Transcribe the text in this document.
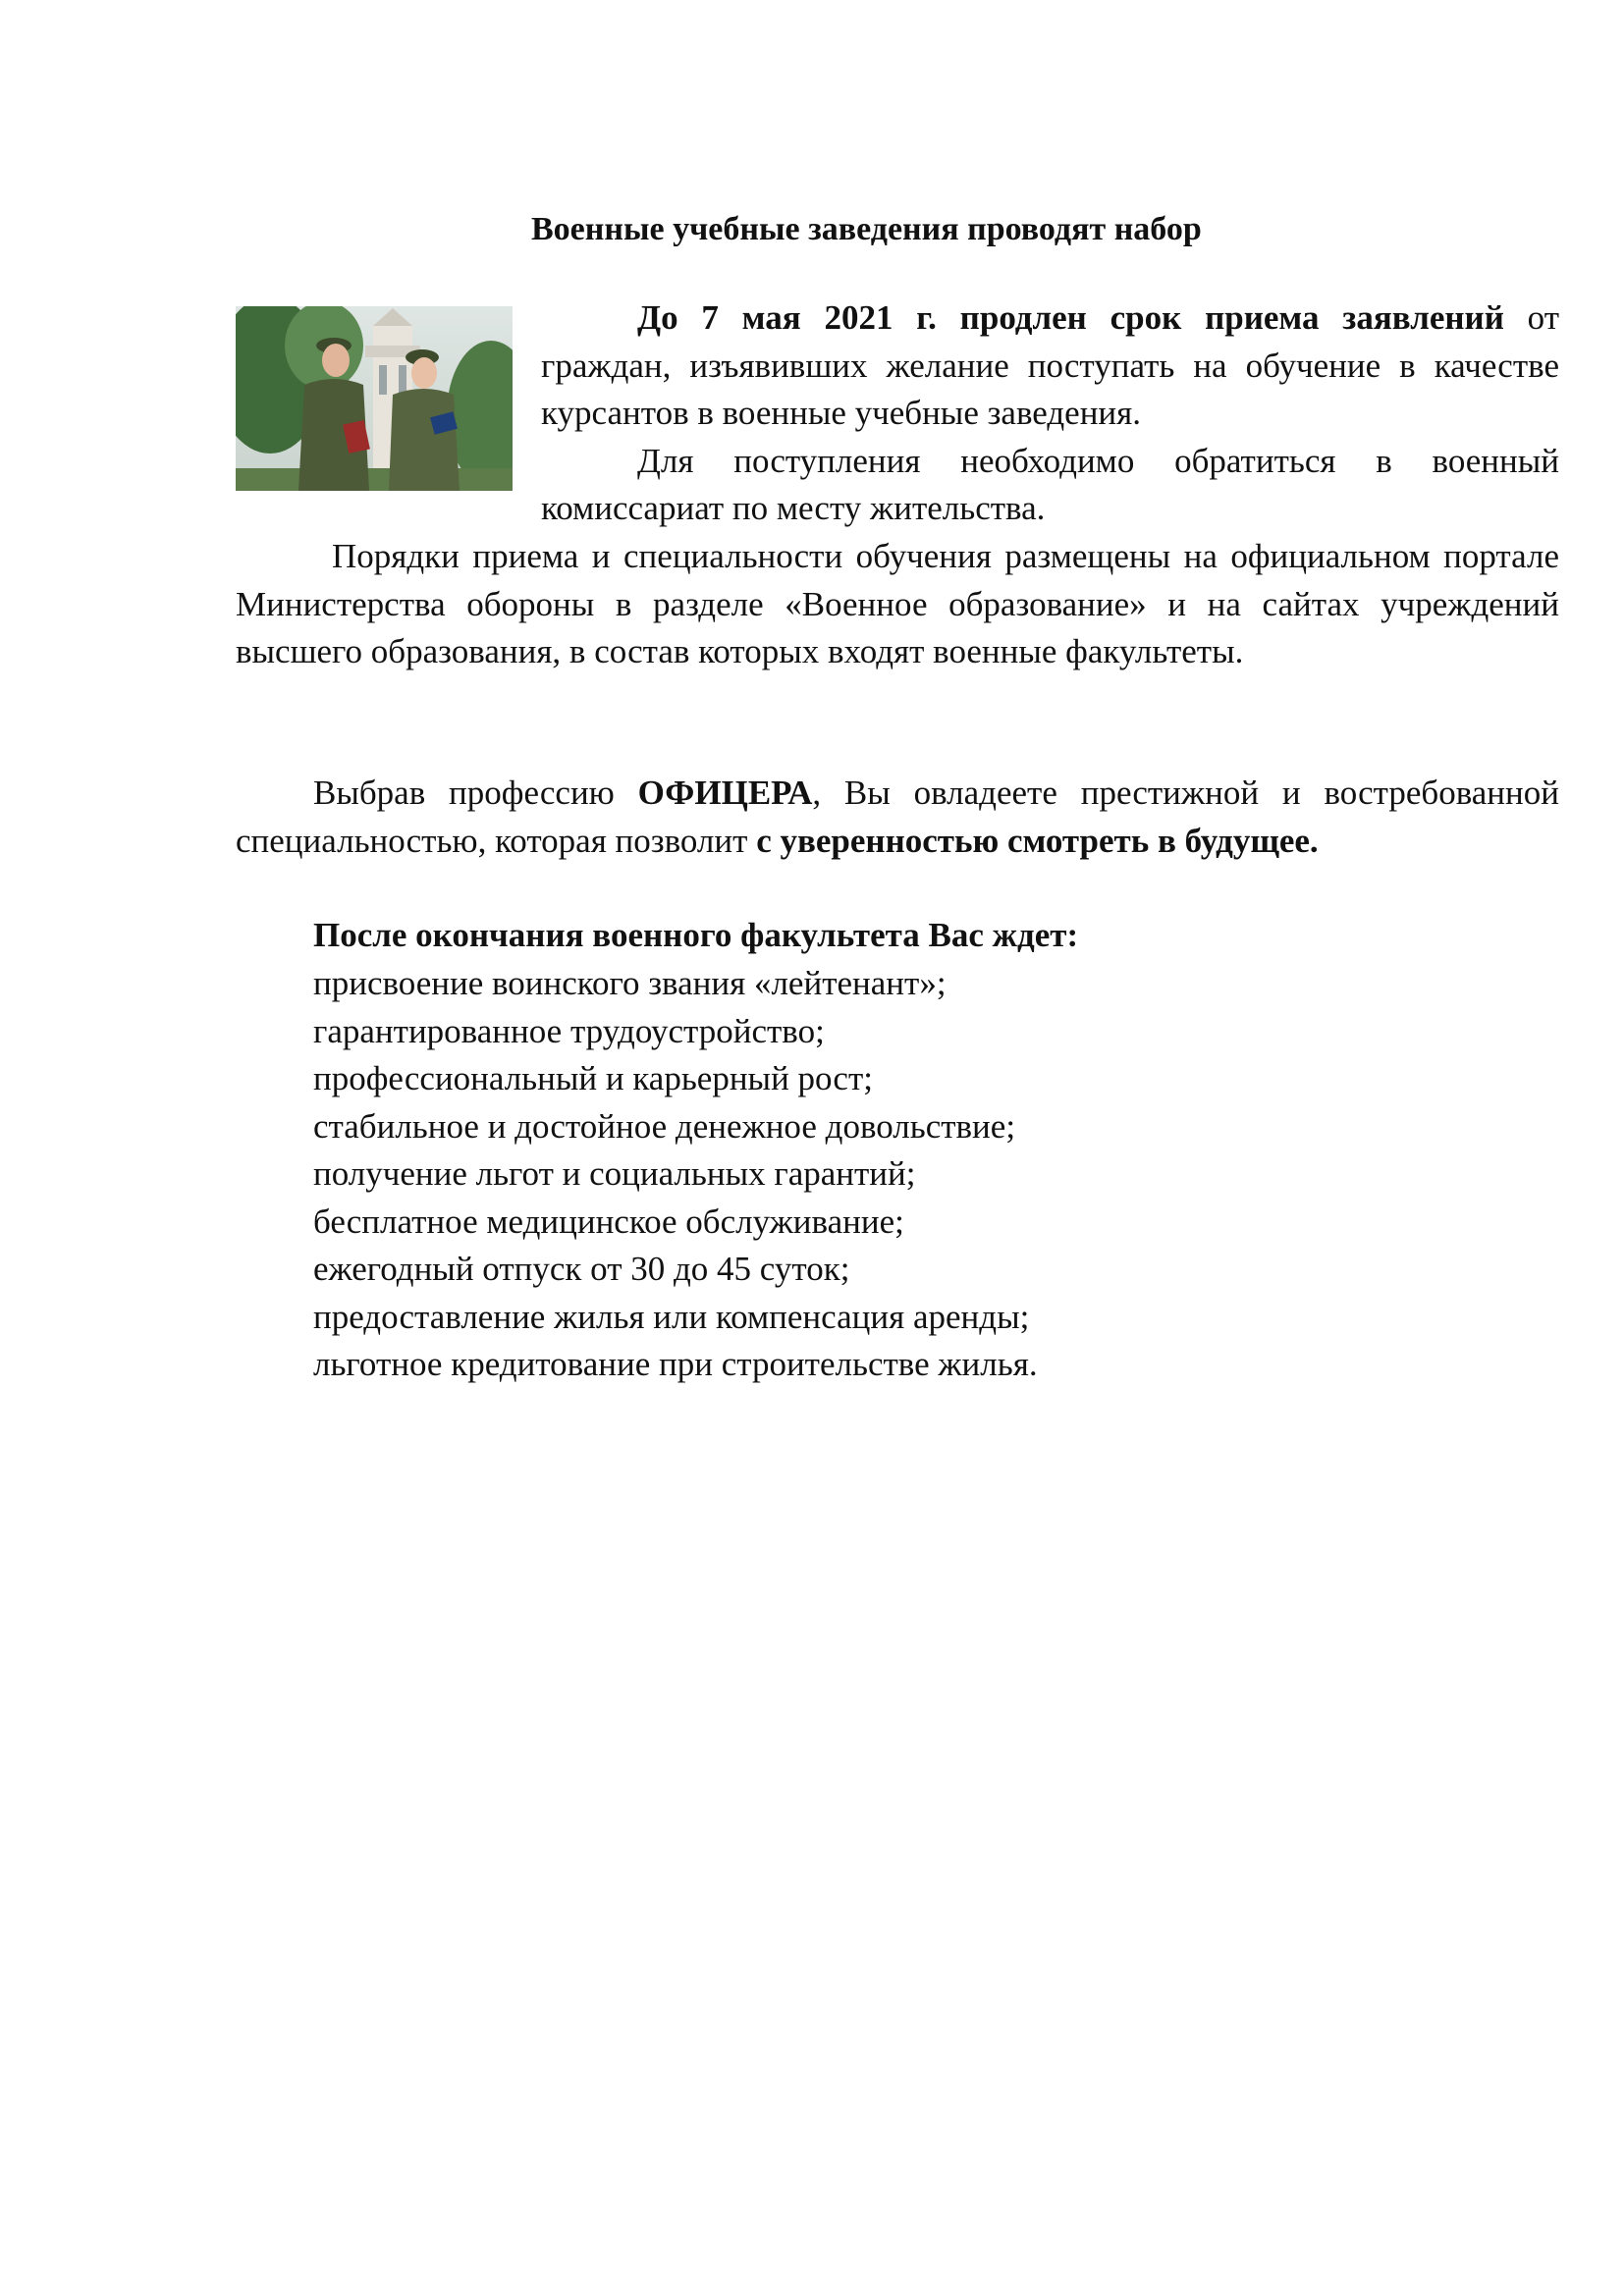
Военные учебные заведения проводят набор

До 7 мая 2021 г. продлен срок приема заявлений от граждан, изъявивших желание поступать на обучение в качестве курсантов в военные учебные заведения.

Для поступления необходимо обратиться в военный комиссариат по месту жительства.

Порядки приема и специальности обучения размещены на официальном портале Министерства обороны в разделе «Военное образование» и на сайтах учреждений высшего образования, в состав которых входят военные факультеты.

Выбрав профессию ОФИЦЕРА, Вы овладеете престижной и востребованной специальностью, которая позволит с уверенностью смотреть в будущее.

После окончания военного факультета Вас ждет:
присвоение воинского звания «лейтенант»;
гарантированное трудоустройство;
профессиональный и карьерный рост;
стабильное и достойное денежное довольствие;
получение льгот и социальных гарантий;
бесплатное медицинское обслуживание;
ежегодный отпуск от 30 до 45 суток;
предоставление жилья или компенсация аренды;
льготное кредитование при строительстве жилья.
